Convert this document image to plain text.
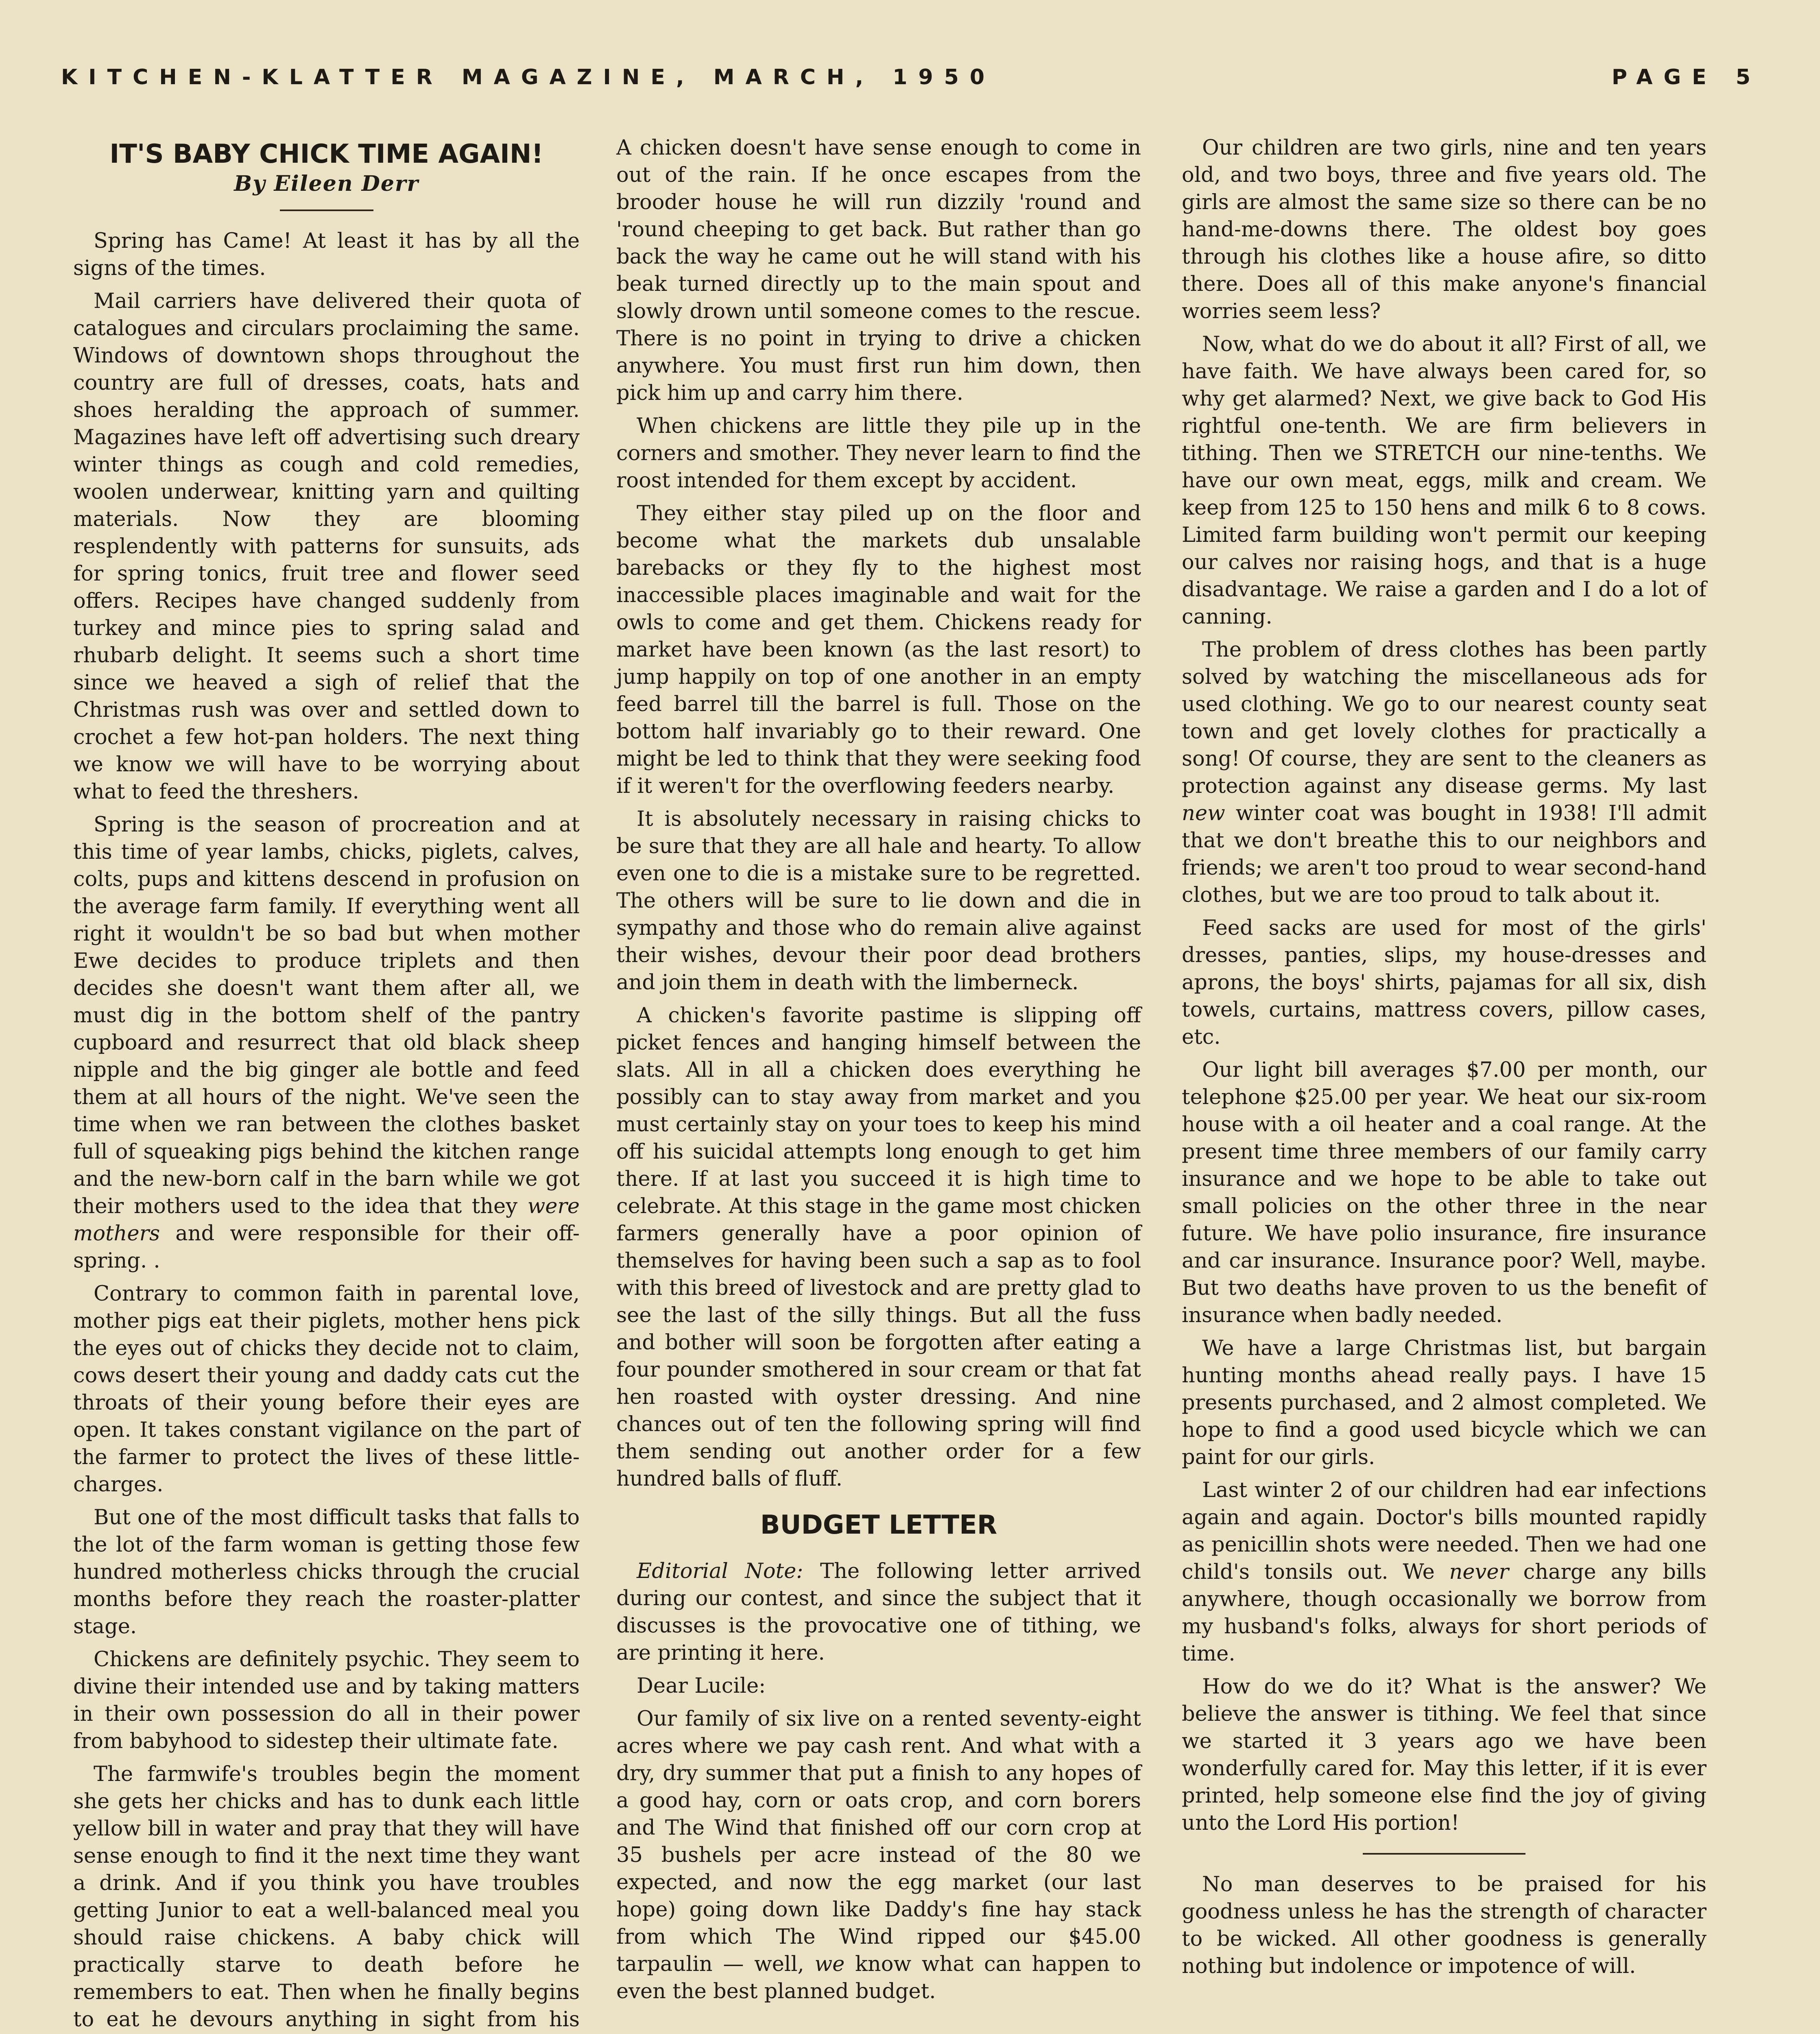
KITCHEN-KLATTER MAGAZINE, MARCH, 1950	PAGE 5
IT'S BABY CHICK TIME AGAIN!
By Eileen Derr

Spring has Came! At least it has by all the signs of the times.

Mail carriers have delivered their quota of catalogues and circulars proclaiming the same. Windows of downtown shops throughout the country are full of dresses, coats, hats and shoes heralding the approach of summer. Magazines have left off advertising such dreary winter things as cough and cold remedies, woolen underwear, knitting yarn and quilting materials. Now they are blooming resplendently with patterns for sunsuits, ads for spring tonics, fruit tree and flower seed offers. Recipes have changed suddenly from turkey and mince pies to spring salad and rhubarb delight. It seems such a short time since we heaved a sigh of relief that the Christmas rush was over and settled down to crochet a few hot-pan holders. The next thing we know we will have to be worrying about what to feed the threshers.

Spring is the season of procreation and at this time of year lambs, chicks, piglets, calves, colts, pups and kittens descend in profusion on the average farm family. If everything went all right it wouldn't be so bad but when mother Ewe decides to produce triplets and then decides she doesn't want them after all, we must dig in the bottom shelf of the pantry cupboard and resurrect that old black sheep nipple and the big ginger ale bottle and feed them at all hours of the night. We've seen the time when we ran between the clothes basket full of squeaking pigs behind the kitchen range and the new-born calf in the barn while we got their mothers used to the idea that they were mothers and were responsible for their off-spring. .

Contrary to common faith in parental love, mother pigs eat their piglets, mother hens pick the eyes out of chicks they decide not to claim, cows desert their young and daddy cats cut the throats of their young before their eyes are open. It takes constant vigilance on the part of the farmer to protect the lives of these little-charges.

But one of the most difficult tasks that falls to the lot of the farm woman is getting those few hundred motherless chicks through the crucial months before they reach the roaster-platter stage.

Chickens are definitely psychic. They seem to divine their intended use and by taking matters in their own possession do all in their power from babyhood to sidestep their ultimate fate.

The farmwife's troubles begin the moment she gets her chicks and has to dunk each little yellow bill in water and pray that they will have sense enough to find it the next time they want a drink. And if you think you have troubles getting Junior to eat a well-balanced meal you should raise chickens. A baby chick will practically starve to death before he remembers to eat. Then when he finally begins to eat he devours anything in sight from his

A chicken doesn't have sense enough to come in out of the rain. If he once escapes from the brooder house he will run dizzily 'round and 'round cheeping to get back. But rather than go back the way he came out he will stand with his beak turned directly up to the main spout and slowly drown until someone comes to the rescue. There is no point in trying to drive a chicken anywhere. You must first run him down, then pick him up and carry him there.

When chickens are little they pile up in the corners and smother. They never learn to find the roost intended for them except by accident.

They either stay piled up on the floor and become what the markets dub unsalable barebacks or they fly to the highest most inaccessible places imaginable and wait for the owls to come and get them. Chickens ready for market have been known (as the last resort) to jump happily on top of one another in an empty feed barrel till the barrel is full. Those on the bottom half invariably go to their reward. One might be led to think that they were seeking food if it weren't for the overflowing feeders nearby.

It is absolutely necessary in raising chicks to be sure that they are all hale and hearty. To allow even one to die is a mistake sure to be regretted. The others will be sure to lie down and die in sympathy and those who do remain alive against their wishes, devour their poor dead brothers and join them in death with the limberneck.

A chicken's favorite pastime is slipping off picket fences and hanging himself between the slats. All in all a chicken does everything he possibly can to stay away from market and you must certainly stay on your toes to keep his mind off his suicidal attempts long enough to get him there. If at last you succeed it is high time to celebrate. At this stage in the game most chicken farmers generally have a poor opinion of themselves for having been such a sap as to fool with this breed of livestock and are pretty glad to see the last of the silly things. But all the fuss and bother will soon be forgotten after eating a four pounder smothered in sour cream or that fat hen roasted with oyster dressing. And nine chances out of ten the following spring will find them sending out another order for a few hundred balls of fluff.

BUDGET LETTER

Editorial Note: The following letter arrived during our contest, and since the subject that it discusses is the provocative one of tithing, we are printing it here.

Dear Lucile:

Our family of six live on a rented seventy-eight acres where we pay cash rent. And what with a dry, dry summer that put a finish to any hopes of a good hay, corn or oats crop, and corn borers and The Wind that finished off our corn crop at 35 bushels per acre instead of the 80 we expected, and now the egg market (our last hope) going down like Daddy's fine hay stack from which The Wind ripped our $45.00 tarpaulin — well, we know what can happen to even the best planned budget.

Our children are two girls, nine and ten years old, and two boys, three and five years old. The girls are almost the same size so there can be no hand-me-downs there. The oldest boy goes through his clothes like a house afire, so ditto there. Does all of this make anyone's financial worries seem less?

Now, what do we do about it all? First of all, we have faith. We have always been cared for, so why get alarmed? Next, we give back to God His rightful one-tenth. We are firm believers in tithing. Then we STRETCH our nine-tenths. We have our own meat, eggs, milk and cream. We keep from 125 to 150 hens and milk 6 to 8 cows. Limited farm building won't permit our keeping our calves nor raising hogs, and that is a huge disadvantage. We raise a garden and I do a lot of canning.

The problem of dress clothes has been partly solved by watching the miscellaneous ads for used clothing. We go to our nearest county seat town and get lovely clothes for practically a song! Of course, they are sent to the cleaners as protection against any disease germs. My last new winter coat was bought in 1938! I'll admit that we don't breathe this to our neighbors and friends; we aren't too proud to wear second-hand clothes, but we are too proud to talk about it.

Feed sacks are used for most of the girls' dresses, panties, slips, my house-dresses and aprons, the boys' shirts, pajamas for all six, dish towels, curtains, mattress covers, pillow cases, etc.

Our light bill averages $7.00 per month, our telephone $25.00 per year. We heat our six-room house with a oil heater and a coal range. At the present time three members of our family carry insurance and we hope to be able to take out small policies on the other three in the near future. We have polio insurance, fire insurance and car insurance. Insurance poor? Well, maybe. But two deaths have proven to us the benefit of insurance when badly needed.

We have a large Christmas list, but bargain hunting months ahead really pays. I have 15 presents purchased, and 2 almost completed. We hope to find a good used bicycle which we can paint for our girls.

Last winter 2 of our children had ear infections again and again. Doctor's bills mounted rapidly as penicillin shots were needed. Then we had one child's tonsils out. We never charge any bills anywhere, though occasionally we borrow from my husband's folks, always for short periods of time.

How do we do it? What is the answer? We believe the answer is tithing. We feel that since we started it 3 years ago we have been wonderfully cared for. May this letter, if it is ever printed, help someone else find the joy of giving unto the Lord His portion!

No man deserves to be praised for his goodness unless he has the strength of character to be wicked. All other goodness is generally nothing but indolence or impotence of will.
